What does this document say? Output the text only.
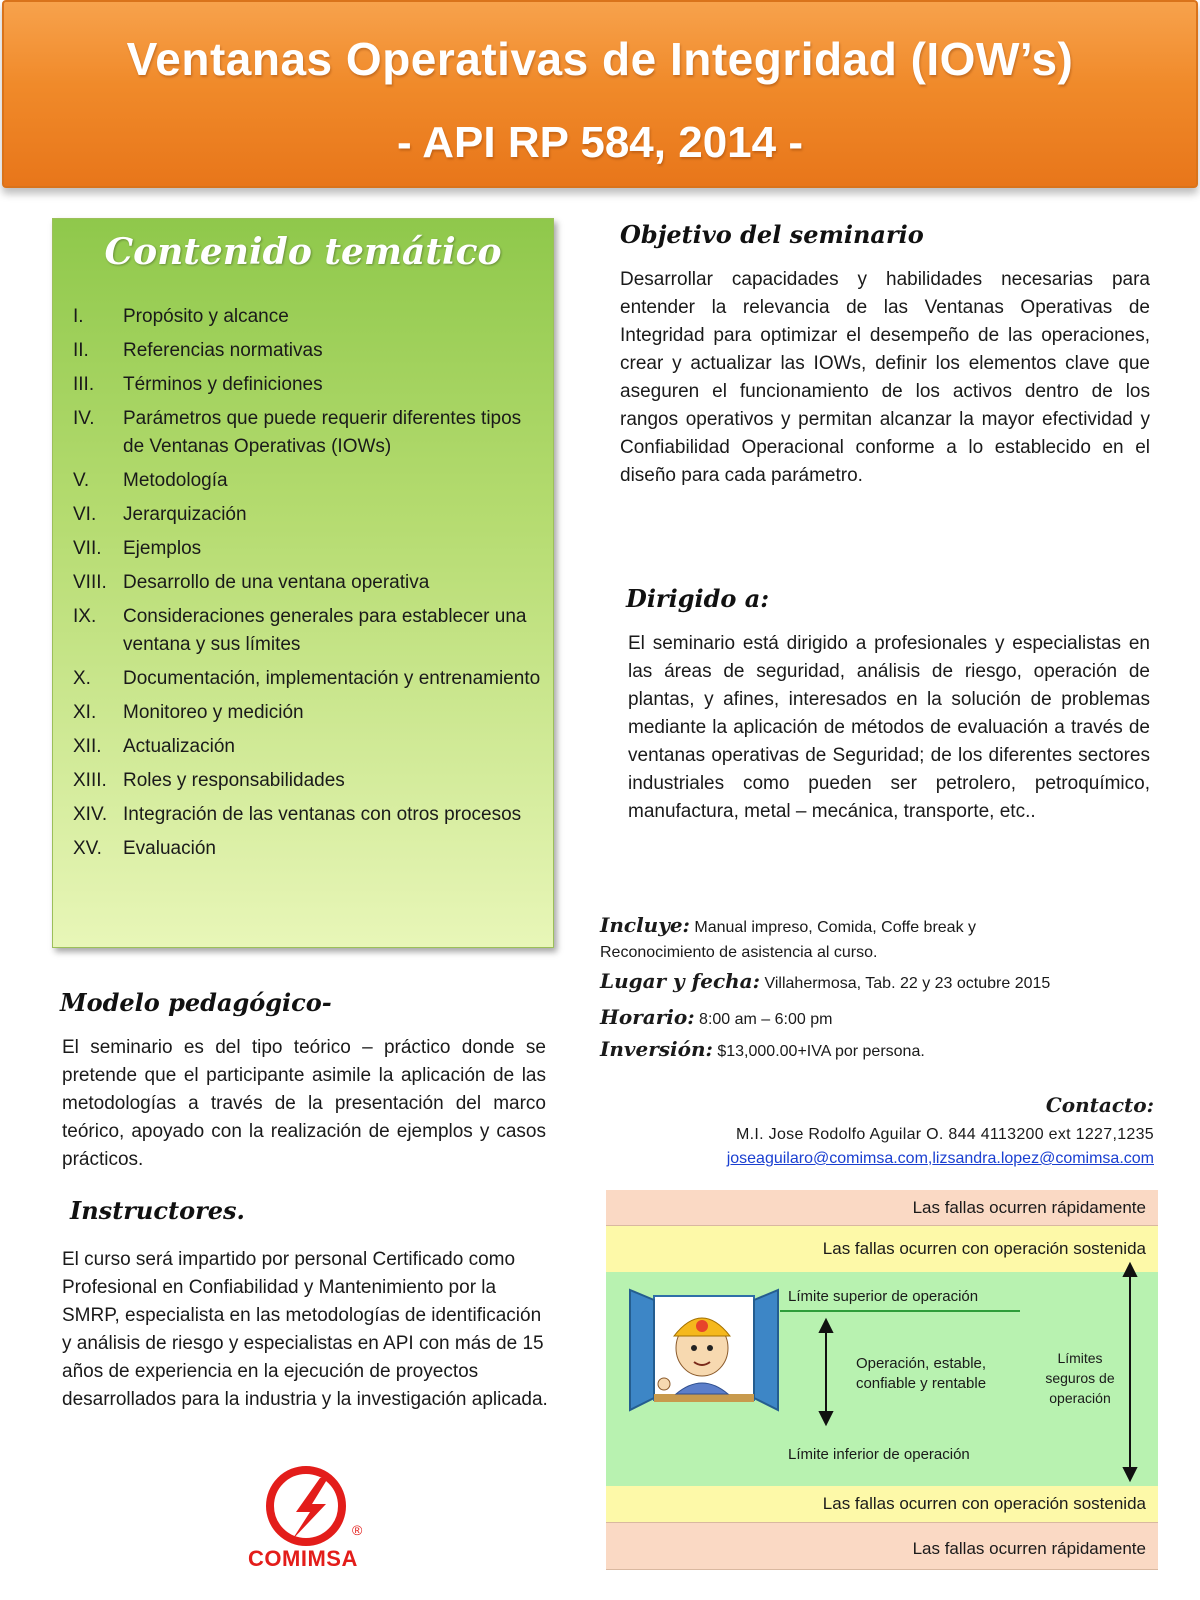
Ventanas Operativas de Integridad (IOW’s)
- API RP 584, 2014 -
Contenido temático
I.	Propósito y alcance
II.	Referencias normativas
III.	Términos y definiciones
IV.	Parámetros que puede requerir diferentes tipos de Ventanas Operativas (IOWs)
V.	Metodología
VI.	Jerarquización
VII.	Ejemplos
VIII. Desarrollo de una ventana operativa
IX.	Consideraciones generales para establecer una ventana y sus límites
X.	Documentación, implementación y entrenamiento
XI.	Monitoreo y medición
XII.	Actualización
XIII. Roles y responsabilidades
XIV. Integración de las ventanas con otros procesos
XV.	Evaluación
Objetivo del seminario
Desarrollar capacidades y habilidades necesarias para entender la relevancia de las Ventanas Operativas de Integridad para optimizar el desempeño de las operaciones, crear y actualizar las IOWs, definir los elementos clave que aseguren el funcionamiento de los activos dentro de los rangos operativos y permitan alcanzar la mayor efectividad y Confiabilidad Operacional conforme a lo establecido en el diseño para cada parámetro.
Dirigido a:
El seminario está dirigido a profesionales y especialistas en las áreas de seguridad, análisis de riesgo, operación de plantas, y afines, interesados en la solución de problemas mediante la aplicación de métodos de evaluación a través de ventanas operativas de Seguridad; de los diferentes sectores industriales como pueden ser petrolero, petroquímico, manufactura, metal – mecánica, transporte, etc..
Modelo pedagógico-
El seminario es del tipo teórico – práctico donde se pretende que el participante asimile la aplicación de las metodologías a través de la presentación del marco teórico, apoyado con la realización de ejemplos y casos prácticos.
Instructores.
El curso será impartido por personal Certificado como Profesional en Confiabilidad y Mantenimiento por la SMRP, especialista en las metodologías de identificación y análisis de riesgo y especialistas en API con más de 15 años de experiencia en la ejecución de proyectos desarrollados para la industria y la investigación aplicada.
Incluye: Manual impreso, Comida, Coffe break y
Reconocimiento de asistencia al curso.
Lugar y fecha: Villahermosa, Tab. 22 y 23 octubre 2015
Horario: 8:00 am – 6:00 pm
Inversión: $13,000.00+IVA por persona.
Contacto:
M.I. Jose Rodolfo Aguilar O. 844 4113200 ext 1227,1235
joseaguilaro@comimsa.com,lizsandra.lopez@comimsa.com
Las fallas ocurren rápidamente
Las fallas ocurren con operación sostenida
Las fallas ocurren con operación sostenida
Las fallas ocurren rápidamente
Límite superior de operación
Operación, estable,
confiable y rentable
Límites
seguros de
operación
Límite inferior de operación
®
COMIMSA
